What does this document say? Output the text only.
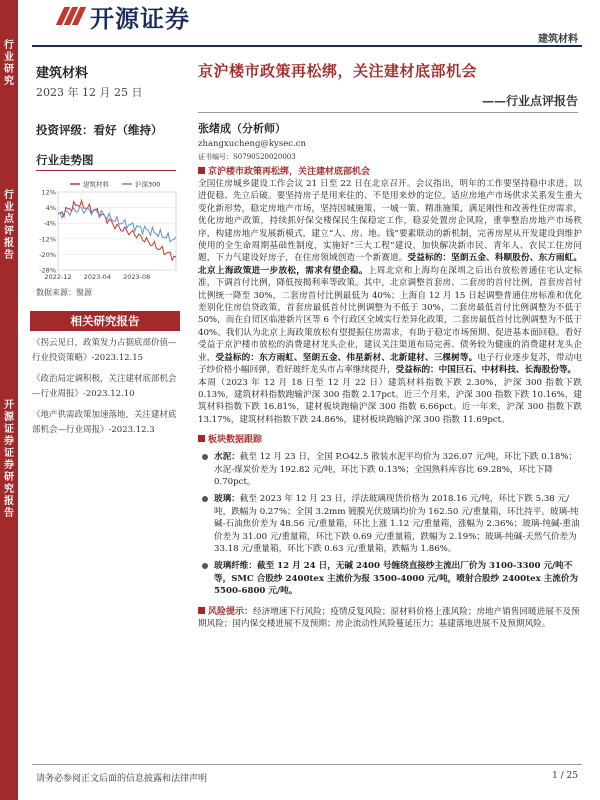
行业研究
行业点评报告
开源证券 证券研究报告
开源证券
建筑材料
建筑材料
2023 年 12 月 25 日
投资评级：看好（维持）
行业走势图
12%
4%
-4%
-12%
-20%
-28%
2022-12 2023-04 2023-08
建筑材料	沪深300
数据来源：聚源
相关研究报告
《拐云见日，政策发力占据底部价值—行业投资策略》-2023.12.15
《政治局定调积极，关注建材底部机会—行业周报》-2023.12.10
《地产供需政策加速落地，关注建材底部机会—行业周报》-2023.12.3
京沪楼市政策再松绑，关注建材底部机会
——行业点评报告
张绪成（分析师）
zhangxucheng@kysec.cn
证书编号：S0790520020003
京沪楼市政策再松绑，关注建材底部机会
全国住房城乡建设工作会议 21 日至 22 日在北京召开。会议指出，明年的工作要坚持稳中求进、以进促稳、先立后破。要坚持房子是用来住的、不是用来炒的定位，适应房地产市场供求关系发生重大变化新形势，稳定房地产市场，坚持因城施策、一城一策、精准施策，满足刚性和改善性住房需求，优化房地产政策，持续抓好保交楼保民生保稳定工作，稳妥处置房企风险，重拳整治房地产市场秩序，构建房地产发展新模式，建立“人、房、地、钱”要素联动的新机制，完善房屋从开发建设到维护使用的全生命周期基础性制度，实施好“三大工程”建设，加快解决新市民、青年人、农民工住房问题，下力气建设好房子，在住房领域创造一个新赛道。受益标的：坚朗五金、科顺股份、东方雨虹。北京上海政策进一步放松，需求有望企稳。上周北京和上海均在深圳之后出台放松普通住宅认定标准，下调首付比例，降低按揭利率等政策。其中，北京调整首套房、二套房的首付比例，首套房首付比例统一降至 30%，二套房首付比例最低为 40%；上海自 12 月 15 日起调整普通住房标准和优化差别化住房信贷政策，首套房最低首付比例调整为不低于 30%，二套房最低首付比例调整为不低于 50%，而在自贸区临港新片区等 6 个行政区全域实行差异化政策，二套房最低首付比例调整为不低于 40%。我们认为北京上海政策放松有望提振住房需求，有助于稳定市场预期、促进基本面回稳。看好受益于京沪楼市放松的消费建材龙头企业，建议关注渠道布局完善、债务较为健康的消费建材龙头企业，受益标的：东方雨虹、坚朗五金、伟星新材、北新建材、三棵树等。电子行业逐步复苏，带动电子纱价格小幅回弹，看好玻纤龙头市占率继续提升，受益标的：中国巨石、中材科技、长海股份等。
本周（2023 年 12 月 18 日至 12 月 22 日）建筑材料指数下跌 2.30%，沪深 300 指数下跌 0.13%，建筑材料指数跑输沪深 300 指数 2.17pct。近三个月来，沪深 300 指数下跌 10.16%，建筑材料指数下跌 16.81%，建材板块跑输沪深 300 指数 6.66pct。近一年来，沪深 300 指数下跌 13.17%，建筑材料指数下跌 24.86%，建材板块跑输沪深 300 指数 11.69pct。
板块数据跟踪
水泥：截至 12 月 23 日，全国 P.O42.5 散装水泥平均价为 326.07 元/吨，环比下跌 0.18%；水泥-煤炭价差为 192.82 元/吨，环比下跌 0.13%；全国熟料库容比 69.28%，环比下降 0.70pct。
玻璃：截至 2023 年 12 月 23 日，浮法玻璃现货价格为 2018.16 元/吨，环比下跌 5.38 元/吨，跌幅为 0.27%；全国 3.2mm 镀膜光伏玻璃均价为 162.50 元/重量箱，环比持平。玻璃-纯碱-石油焦价差为 48.56 元/重量箱，环比上涨 1.12 元/重量箱，涨幅为 2.36%；玻璃-纯碱-重油价差为 31.00 元/重量箱，环比下跌 0.69 元/重量箱，跌幅为 2.19%；玻璃-纯碱-天然气价差为 33.18 元/重量箱，环比下跌 0.63 元/重量箱，跌幅为 1.86%。
玻璃纤维：截至 12 月 24 日，无碱 2400 号缠绕直接纱主流出厂价为 3100-3300 元/吨不等，SMC 合股纱 2400tex 主流价为报 3500-4000 元/吨，喷射合股纱 2400tex 主流价为 5500-6800 元/吨。
风险提示：经济增速下行风险；疫情反复风险；原材料价格上涨风险；房地产销售回暖进展不及预期风险；国内保交楼进展不及预期；房企流动性风险蔓延压力；基建落地进展不及预期风险。
请务必参阅正文后面的信息披露和法律声明	1 / 25
